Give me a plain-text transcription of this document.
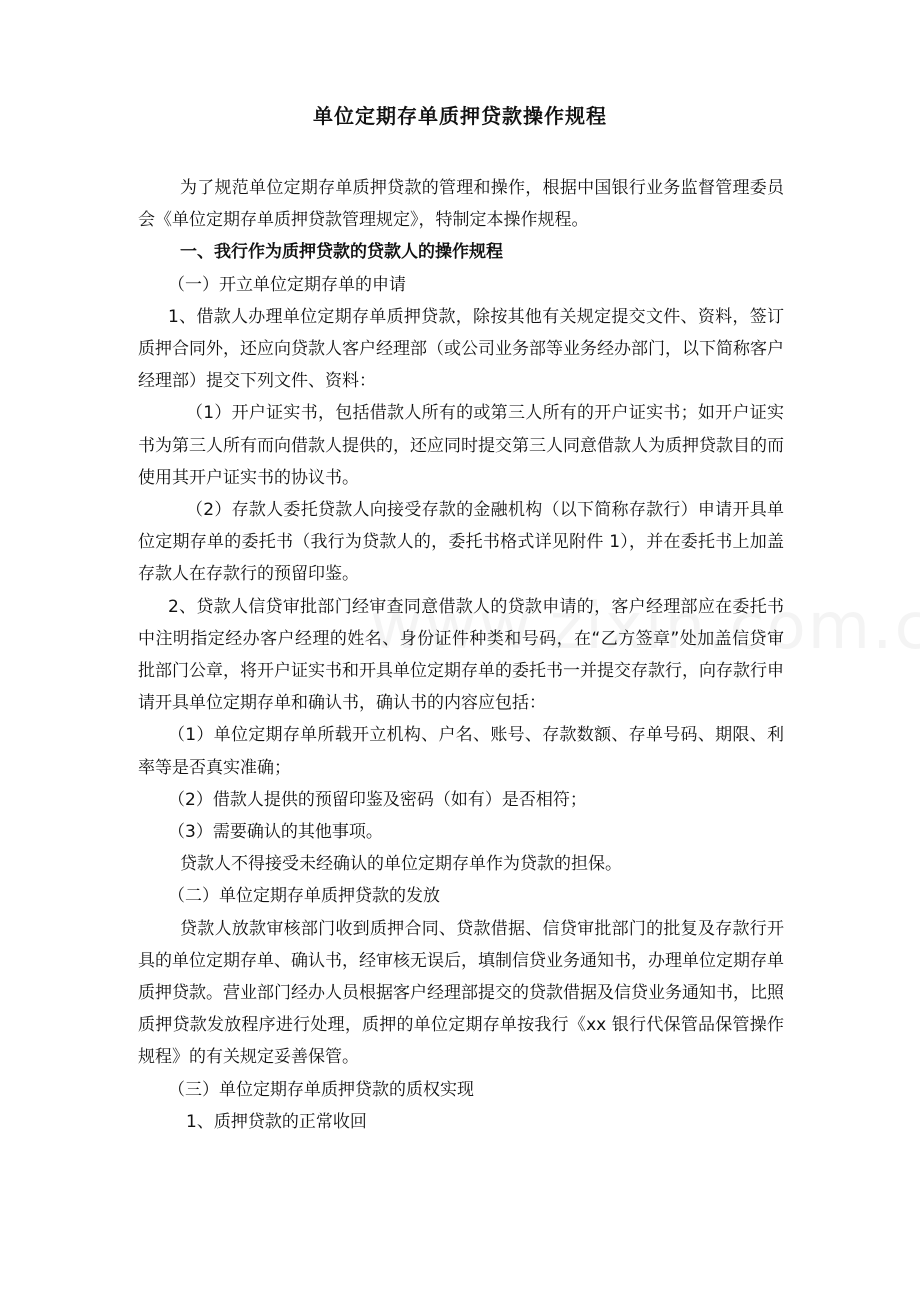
单位定期存单质押贷款操作规程

为了规范单位定期存单质押贷款的管理和操作，根据中国银行业务监督管理委员会《单位定期存单质押贷款管理规定》，特制定本操作规程。

一、我行作为质押贷款的贷款人的操作规程

（一）开立单位定期存单的申请

1、借款人办理单位定期存单质押贷款，除按其他有关规定提交文件、资料，签订质押合同外，还应向贷款人客户经理部（或公司业务部等业务经办部门，以下简称客户经理部）提交下列文件、资料：

（1）开户证实书，包括借款人所有的或第三人所有的开户证实书；如开户证实书为第三人所有而向借款人提供的，还应同时提交第三人同意借款人为质押贷款目的而使用其开户证实书的协议书。

（2）存款人委托贷款人向接受存款的金融机构（以下简称存款行）申请开具单位定期存单的委托书（我行为贷款人的，委托书格式详见附件 1），并在委托书上加盖存款人在存款行的预留印鉴。

2、贷款人信贷审批部门经审查同意借款人的贷款申请的，客户经理部应在委托书中注明指定经办客户经理的姓名、身份证件种类和号码，在“乙方签章”处加盖信贷审批部门公章，将开户证实书和开具单位定期存单的委托书一并提交存款行，向存款行申请开具单位定期存单和确认书，确认书的内容应包括：

（1）单位定期存单所载开立机构、户名、账号、存款数额、存单号码、期限、利率等是否真实准确；

（2）借款人提供的预留印鉴及密码（如有）是否相符；

（3）需要确认的其他事项。

贷款人不得接受未经确认的单位定期存单作为贷款的担保。

（二）单位定期存单质押贷款的发放

贷款人放款审核部门收到质押合同、贷款借据、信贷审批部门的批复及存款行开具的单位定期存单、确认书，经审核无误后，填制信贷业务通知书，办理单位定期存单质押贷款。营业部门经办人员根据客户经理部提交的贷款借据及信贷业务通知书，比照质押贷款发放程序进行处理，质押的单位定期存单按我行《xx 银行代保管品保管操作规程》的有关规定妥善保管。

（三）单位定期存单质押贷款的质权实现

1、质押贷款的正常收回
